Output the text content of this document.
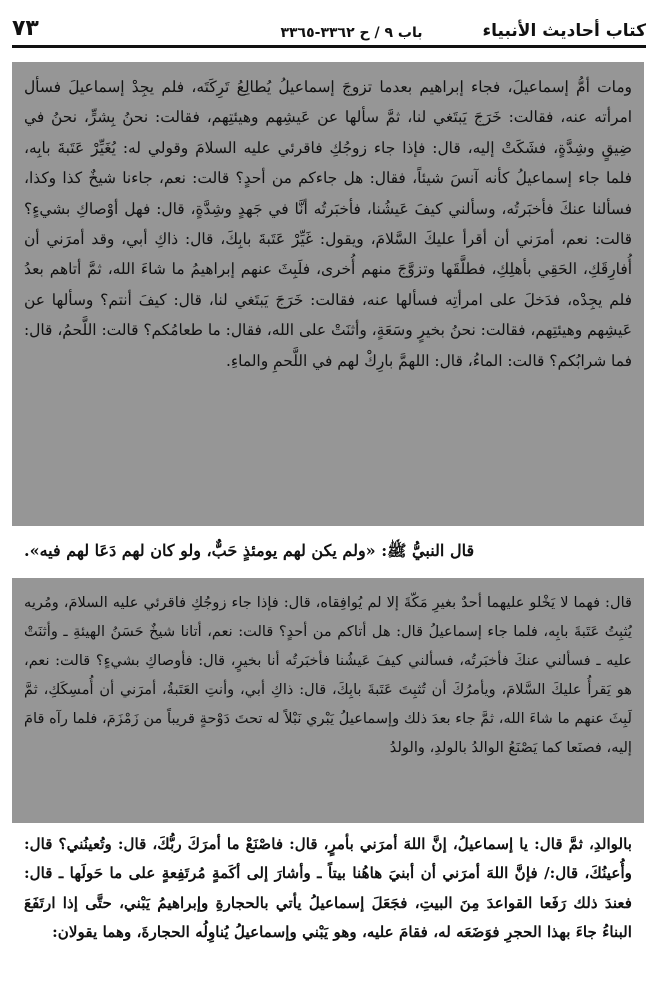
كتاب أحاديث الأنبياء
باب ٩ / ح ٣٣٦٢-٣٣٦٥
٧٣

ومات أمُّ إسماعيلَ، فجاء إبراهيم بعدما تزوجَ إسماعيلُ يُطالِعُ تَرِكَتَه، فلم يجِدْ إسماعيلَ فسأل امرأته عنه، فقالت: خَرَجَ يَبتَغي لنا، ثمَّ سألها عن عَيشِهم وهيئتِهم، فقالت: نحنُ بِشرٍّ، نحنُ في ضِيقٍ وشِدَّةٍ، فشَكَتْ إليه، قال: فإذا جاء زوجُكِ فاقرئي عليه السلامَ وقولي له: يُغَيِّرْ عَتَبةَ بابِه، فلما جاء إسماعيلُ كأنه آنسَ شيئاً، فقال: هل جاءكم من أحدٍ؟ قالت: نعم، جاءنا شيخٌ كذا وكذا، فسألنا عنكَ فأخبَرتُه، وسألني كيفَ عَيشُنا، فأخبَرتُه أنَّا في جَهدٍ وشِدَّةٍ، قال: فهل أوْصاكِ بشيءٍ؟ قالت: نعم، أمرَني أن أقرأ عليكَ السَّلامَ، ويقول: غَيِّرْ عَتَبةَ بابِكَ، قال: ذاكِ أبي، وقد أمرَني أن أُفارِقَكِ، الحَقِي بأهلِكِ، فطلَّقَها وتزوَّجَ منهم أُخرى، فلَبِثَ عنهم إبراهيمُ ما شاءَ الله، ثمَّ أتاهم بعدُ فلم يجِدْه، فدَخلَ على امرأتِه فسألها عنه، فقالت: خَرَجَ يَبتَغي لنا، قال: كيفَ أنتم؟ وسألها عن عَيشِهم وهيئتِهم، فقالت: نحنُ بخيرٍ وسَعَةٍ، وأثنَتْ على الله، فقال: ما طعامُكم؟ قالت: اللَّحمُ، قال: فما شرابُكم؟ قالت: الماءُ، قال: اللهمَّ بارِكْ لهم في اللَّحمِ والماءِ.

قال النبيُّ ﷺ: «ولم يكن لهم يومئذٍ حَبٌّ، ولو كان لهم دَعَا لهم فيه».

قال: فهما لا يَخْلو عليهما أحدٌ بغيرِ مَكّةَ إلا لم يُوافِقاه، قال: فإذا جاء زوجُكِ فاقرئي عليه السلامَ، ومُريه يُثبِتُ عَتَبةَ بابِه، فلما جاء إسماعيلُ قال: هل أتاكم من أحدٍ؟ قالت: نعم، أتانا شيخٌ حَسَنُ الهيئةِ ـ وأثنَتْ عليه ـ فسألني عنكَ فأخبَرتُه، فسألني كيفَ عَيشُنا فأخبَرتُه أنا بخيرٍ، قال: فأوصاكِ بشيءٍ؟ قالت: نعم، هو يَقرأُ عليكَ السَّلامَ، ويأمرُكَ أن تُثبِتَ عَتَبةَ بابِكَ، قال: ذاكِ أبي، وأنتِ العَتَبةُ، أمرَني أن أُمسِكَكِ، ثمَّ لَبِثَ عنهم ما شاءَ الله، ثمَّ جاء بعدَ ذلك وإسماعيلُ يَبْري نَبْلاً له تحتَ دَوْحةٍ قريباً من زَمْزَمَ، فلما رآه قامَ إليه، فصنَعا كما يَصْنَعُ الوالدُ بالولدِ، والولدُ

بالوالدِ، ثمَّ قال: يا إسماعيلُ، إنَّ اللهَ أمرَني بأمرٍ، قال: فاصْنَعْ ما أمرَكَ ربُّكَ، قال: وتُعينُني؟ قال: وأُعينُكَ، قال:/ فإنَّ اللهَ أمرَني أن أبنيَ هاهُنا بيتاً ـ وأشارَ إلى أكَمةٍ مُرتَفِعةٍ على ما حَولَها ـ قال: فعندَ ذلك رَفَعا القواعدَ مِنَ البيتِ، فجَعَلَ إسماعيلُ يأتي بالحجارةِ وإبراهيمُ يَبْني، حتَّى إذا ارتَفَعَ البناءُ جاءَ بهذا الحجرِ فوَضَعَه له، فقامَ عليه، وهو يَبْني وإسماعيلُ يُناوِلُه الحجارةَ، وهما يقولان:
